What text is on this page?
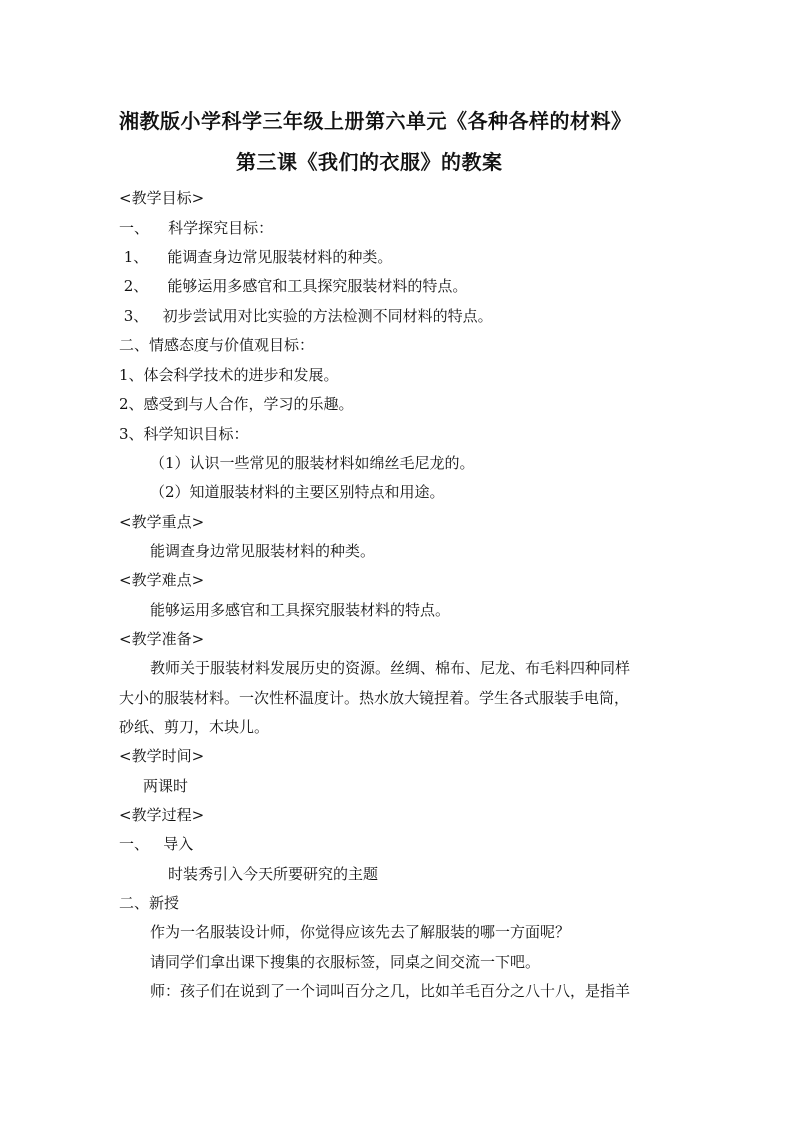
湘教版小学科学三年级上册第六单元《各种各样的材料》
第三课《我们的衣服》的教案
<教学目标>
一、    科学探究目标：
1、    能调查身边常见服装材料的种类。
2、    能够运用多感官和工具探究服装材料的特点。
3、   初步尝试用对比实验的方法检测不同材料的特点。
二、情感态度与价值观目标：
1、体会科学技术的进步和发展。
2、感受到与人合作，学习的乐趣。
3、科学知识目标：
（1）认识一些常见的服装材料如绵丝毛尼龙的。
（2）知道服装材料的主要区别特点和用途。
<教学重点>
能调查身边常见服装材料的种类。
<教学难点>
能够运用多感官和工具探究服装材料的特点。
<教学准备>
教师关于服装材料发展历史的资源。丝绸、棉布、尼龙、布毛料四种同样
大小的服装材料。一次性杯温度计。热水放大镜捏着。学生各式服装手电筒，
砂纸、剪刀，木块儿。
<教学时间>
两课时
<教学过程>
一、   导入
时装秀引入今天所要研究的主题
二、新授
作为一名服装设计师，你觉得应该先去了解服装的哪一方面呢？
请同学们拿出课下搜集的衣服标签，同桌之间交流一下吧。
师：孩子们在说到了一个词叫百分之几，比如羊毛百分之八十八，是指羊
